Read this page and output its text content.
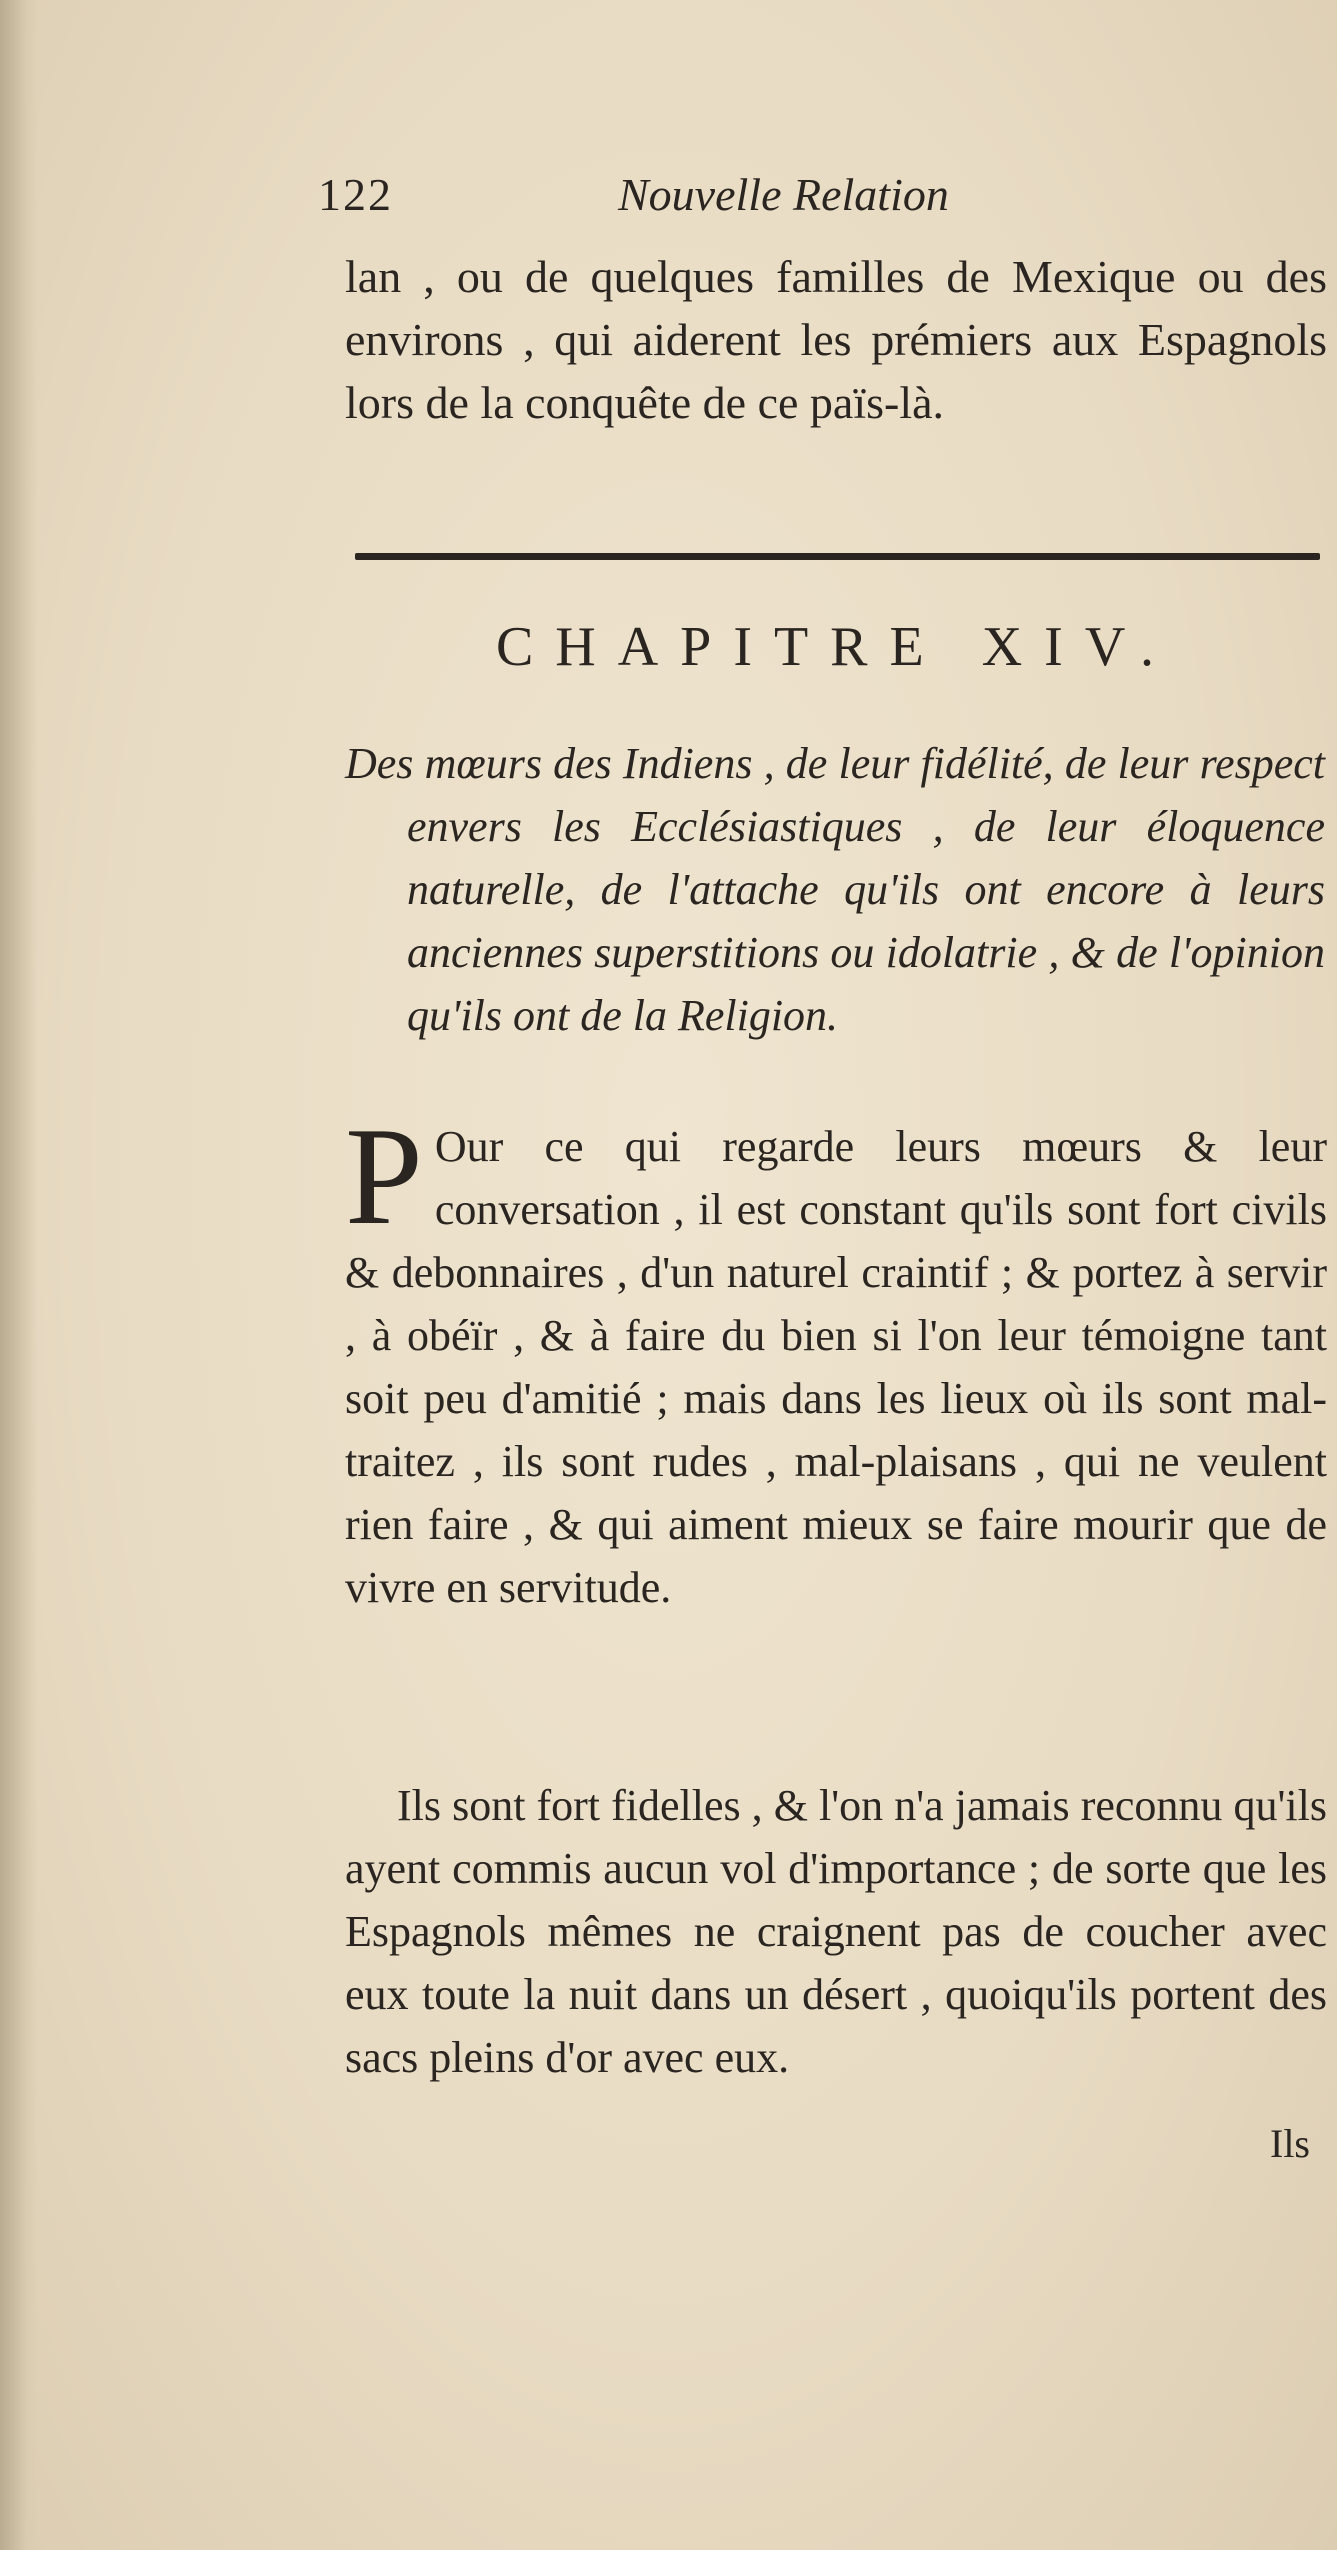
122	Nouvelle Relation

lan , ou de quelques familles de Mexique ou des environs , qui aiderent les prémiers aux Espagnols lors de la conquête de ce païs-là.

CHAPITRE XIV.

Des mœurs des Indiens , de leur fidélité, de leur respect envers les Ecclésiastiques , de leur éloquence naturelle, de l'attache qu'ils ont encore à leurs anciennes superstitions ou idolatrie , & de l'opinion qu'ils ont de la Religion.

P Our ce qui regarde leurs mœurs & leur conversation , il est constant qu'ils sont fort civils & debonnaires , d'un naturel craintif ; & portez à servir , à obéïr , & à faire du bien si l'on leur témoigne tant soit peu d'amitié ; mais dans les lieux où ils sont mal-traitez , ils sont rudes , mal-plaisans , qui ne veulent rien faire , & qui aiment mieux se faire mourir que de vivre en servitude.

Ils sont fort fidelles , & l'on n'a jamais reconnu qu'ils ayent commis aucun vol d'importance ; de sorte que les Espagnols mêmes ne craignent pas de coucher avec eux toute la nuit dans un désert , quoiqu'ils portent des sacs pleins d'or avec eux.

Ils
